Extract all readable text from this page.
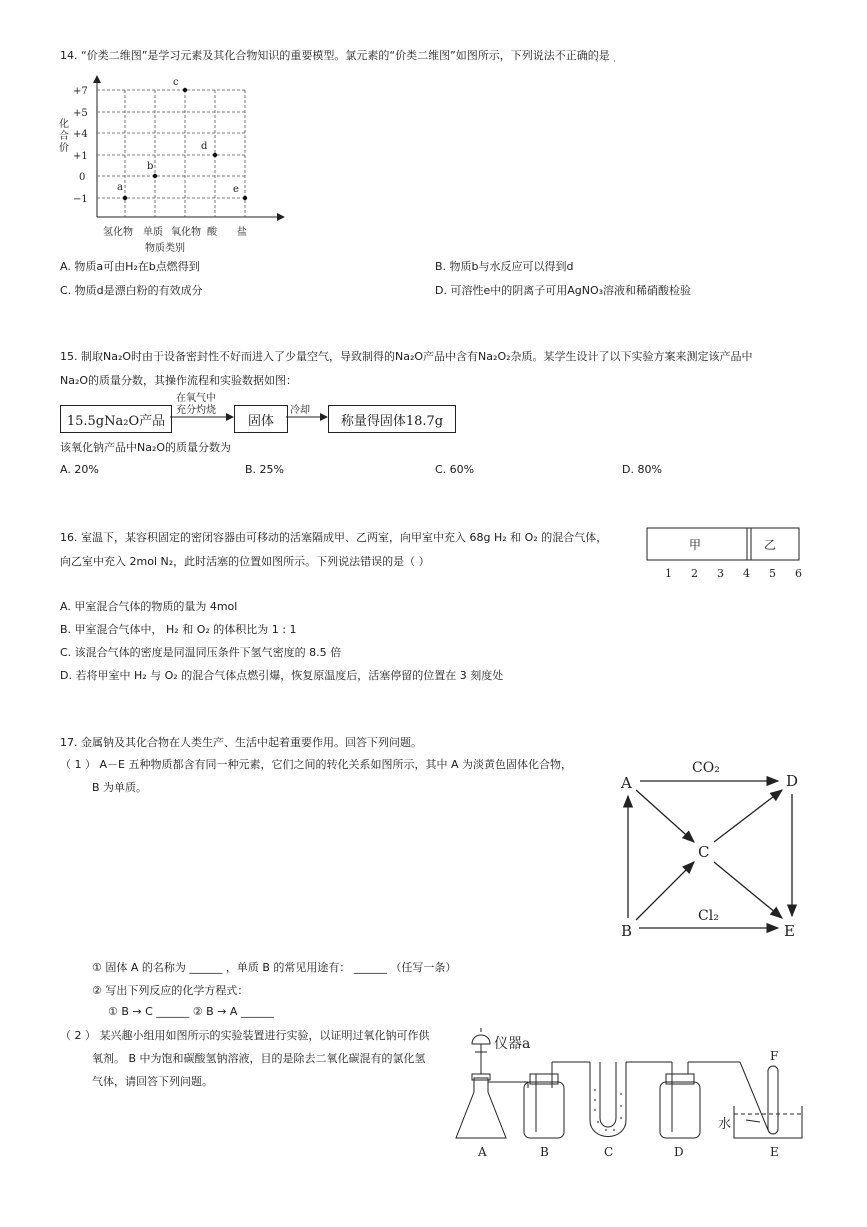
14. “价类二维图”是学习元素及其化合物知识的重要模型。氯元素的“价类二维图”如图所示，下列说法不正确的是
···
+7
+5
+4
+1
0
−1
化
合
价
a
b
c
d
e
氢化物 单质 氧化物 酸 盐
物质类别
A. 物质a可由H₂在b点燃得到	B. 物质b与水反应可以得到d
C. 物质d是漂白粉的有效成分	D. 可溶性e中的阴离子可用AgNO₃溶液和稀硝酸检验
15. 制取Na₂O时由于设备密封性不好而进入了少量空气，导致制得的Na₂O产品中含有Na₂O₂杂质。某学生设计了以下实验方案来测定该产品中
Na₂O的质量分数，其操作流程和实验数据如图：
15.5gNa₂O产品
在氧气中
充分灼烧
固体
冷却
称量得固体18.7g
该氧化钠产品中Na₂O的质量分数为
A. 20%	B. 25%	C. 60%	D. 80%
16. 室温下，某容积固定的密闭容器由可移动的活塞隔成甲、乙两室，向甲室中充入 68g H₂ 和 O₂ 的混合气体，
向乙室中充入 2mol N₂，此时活塞的位置如图所示。下列说法错误的是（ ）
甲	乙
1 2 3 4 5 6
A. 甲室混合气体的物质的量为 4mol
B. 甲室混合气体中， H₂ 和 O₂ 的体积比为 1 : 1
C. 该混合气体的密度是同温同压条件下氢气密度的 8.5 倍
D. 若将甲室中 H₂ 与 O₂ 的混合气体点燃引爆，恢复原温度后，活塞停留的位置在 3 刻度处
17. 金属钠及其化合物在人类生产、生活中起着重要作用。回答下列问题。
（ 1 ） A－E 五种物质都含有同一种元素，它们之间的转化关系如图所示，其中 A 为淡黄色固体化合物，
B 为单质。	A	D
C
B	E
CO₂
Cl₂
① 固体 A 的名称为 ______ ，单质 B 的常见用途有： ______ （任写一条）
② 写出下列反应的化学方程式：
① B → C ______ ② B → A ______
（ 2 ） 某兴趣小组用如图所示的实验装置进行实验，以证明过氧化钠可作供
氧剂。 B 中为饱和碳酸氢钠溶液，目的是除去二氧化碳混有的氯化氢
气体，请回答下列问题。
仪器a
水
F
A	B	C	D	E
